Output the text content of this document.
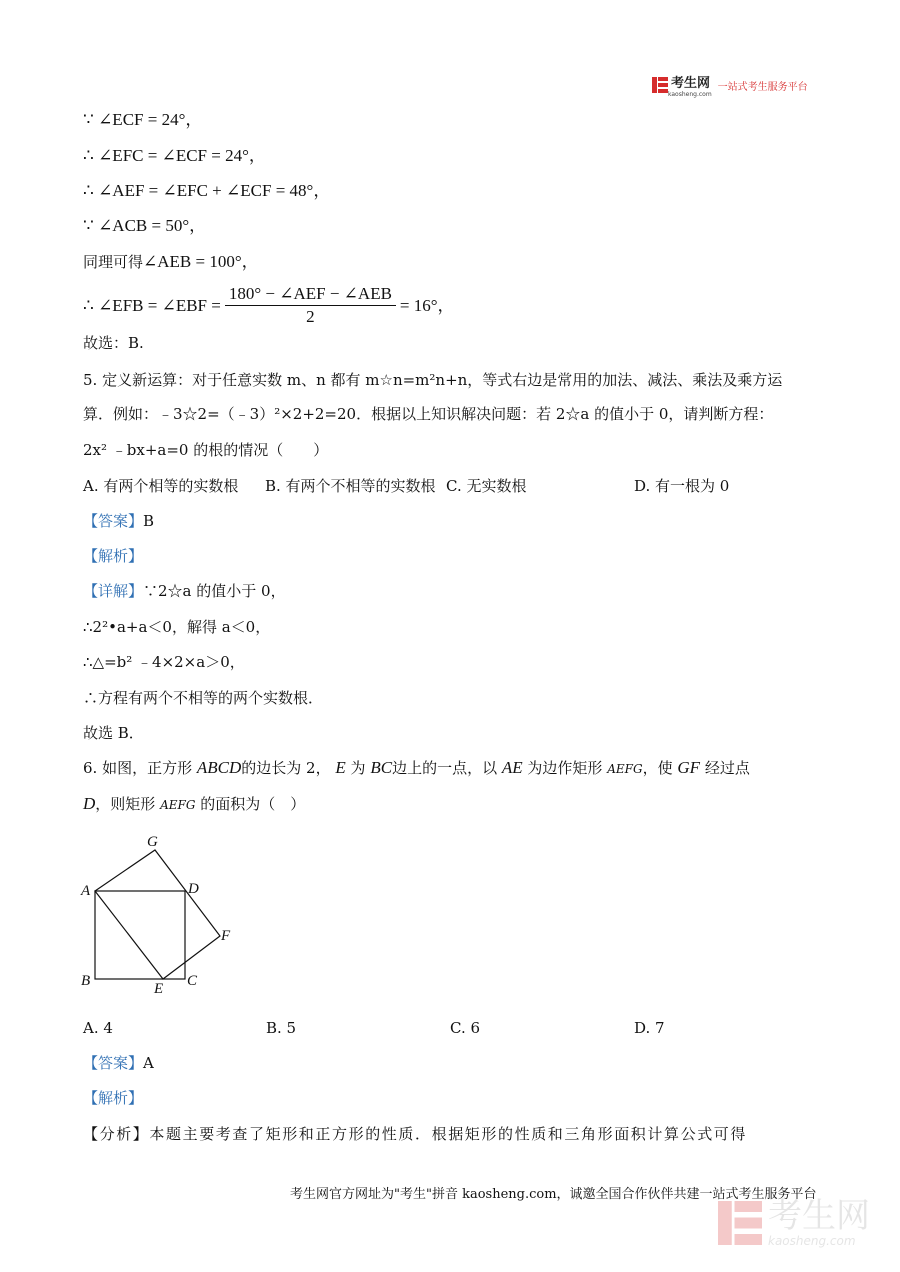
考生网
kaosheng.com
一站式考生服务平台
∵ ∠ECF = 24°，
∴ ∠EFC = ∠ECF = 24°，
∴ ∠AEF = ∠EFC + ∠ECF = 48°，
∵ ∠ACB = 50°，
同理可得∠AEB = 100°，
∴ ∠EFB = ∠EBF = $\frac{\text{180° − ∠AEF − ∠AEB}}{2} = 16^\circ$，
故选：B.
5. 定义新运算：对于任意实数 m、n 都有 m☆n=m²n+n，等式右边是常用的加法、减法、乘法及乘方运
算．例如：﹣3☆2=（﹣3）²×2+2=20．根据以上知识解决问题：若 2☆a 的值小于 0，请判断方程：
2x² ﹣bx+a=0 的根的情况（　　）
A. 有两个相等的实数根 B. 有两个不相等的实数根 C. 无实数根	D. 有一根为 0
【答案】B
【解析】
【详解】∵2☆a 的值小于 0，
∴2²•a+a＜0，解得 a＜0，
∴△=b² ﹣4×2×a＞0，
∴方程有两个不相等的两个实数根．
故选 B．
6. 如图，正方形 ABCD的边长为 2， E 为 BC边上的一点，以 AE 为边作矩形 AEFG，使 GF 经过点
D，则矩形 AEFG 的面积为（　）
G
A	D
F
B	E C
A. 4	B. 5	C. 6	D. 7
【答案】A
【解析】
【分析】本题主要考查了矩形和正方形的性质．根据矩形的性质和三角形面积计算公式可得
考生网官方网址为"考生"拼音 kaosheng.com，诚邀全国合作伙伴共建一站式考生服务平台
考生网
kaosheng.com
